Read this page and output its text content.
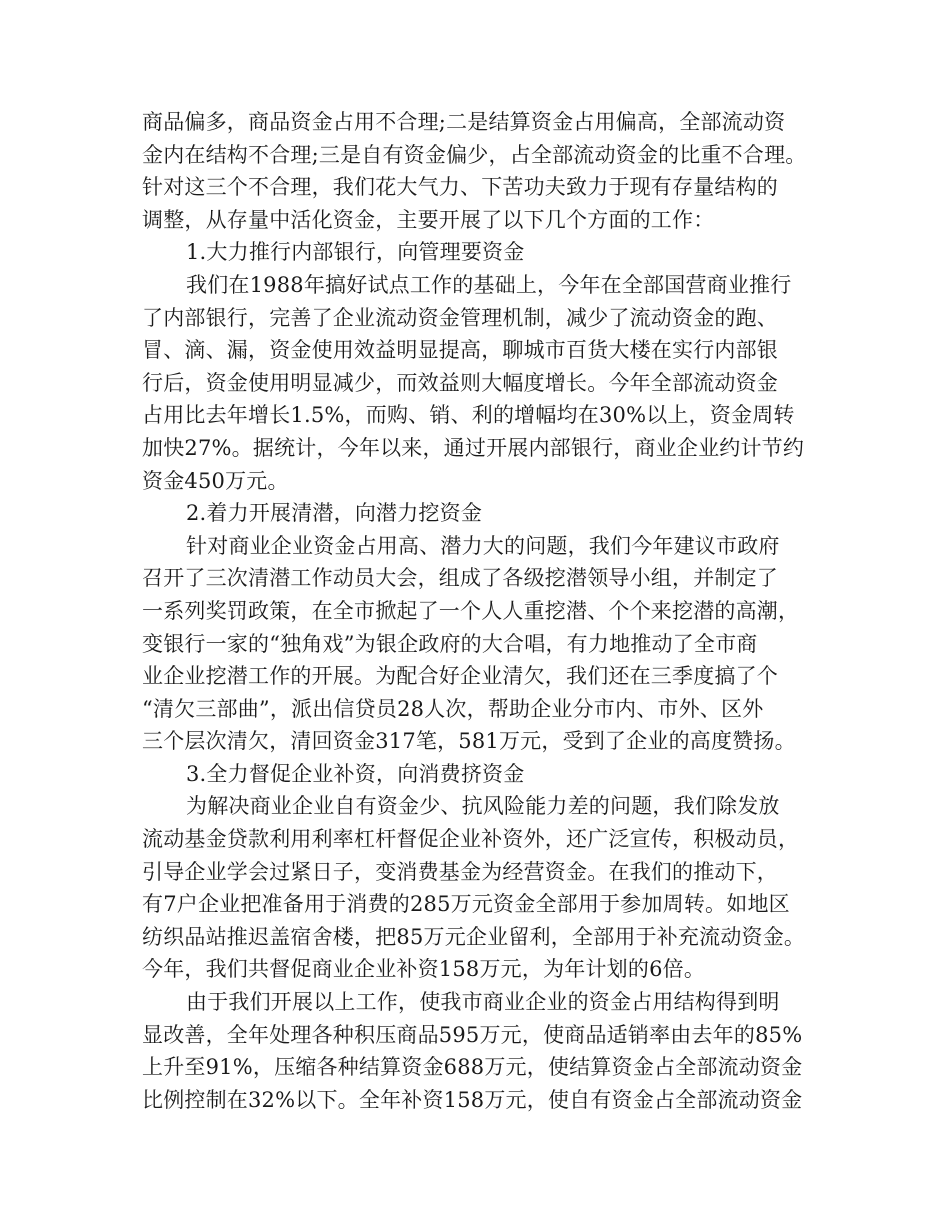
商品偏多，商品资金占用不合理;二是结算资金占用偏高，全部流动资
金内在结构不合理;三是自有资金偏少，占全部流动资金的比重不合理。
针对这三个不合理，我们花大气力、下苦功夫致力于现有存量结构的
调整，从存量中活化资金，主要开展了以下几个方面的工作：
1.大力推行内部银行，向管理要资金
我们在1988年搞好试点工作的基础上，今年在全部国营商业推行
了内部银行，完善了企业流动资金管理机制，减少了流动资金的跑、
冒、滴、漏，资金使用效益明显提高，聊城市百货大楼在实行内部银
行后，资金使用明显减少，而效益则大幅度增长。今年全部流动资金
占用比去年增长1.5%，而购、销、利的增幅均在30%以上，资金周转
加快27%。据统计，今年以来，通过开展内部银行，商业企业约计节约
资金450万元。
2.着力开展清潜，向潜力挖资金
针对商业企业资金占用高、潜力大的问题，我们今年建议市政府
召开了三次清潜工作动员大会，组成了各级挖潜领导小组，并制定了
一系列奖罚政策，在全市掀起了一个人人重挖潜、个个来挖潜的高潮，
变银行一家的“独角戏”为银企政府的大合唱，有力地推动了全市商
业企业挖潜工作的开展。为配合好企业清欠，我们还在三季度搞了个
“清欠三部曲”，派出信贷员28人次，帮助企业分市内、市外、区外
三个层次清欠，清回资金317笔，581万元，受到了企业的高度赞扬。
3.全力督促企业补资，向消费挤资金
为解决商业企业自有资金少、抗风险能力差的问题，我们除发放
流动基金贷款利用利率杠杆督促企业补资外，还广泛宣传，积极动员，
引导企业学会过紧日子，变消费基金为经营资金。在我们的推动下，
有7户企业把准备用于消费的285万元资金全部用于参加周转。如地区
纺织品站推迟盖宿舍楼，把85万元企业留利，全部用于补充流动资金。
今年，我们共督促商业企业补资158万元，为年计划的6倍。
由于我们开展以上工作，使我市商业企业的资金占用结构得到明
显改善，全年处理各种积压商品595万元，使商品适销率由去年的85%
上升至91%，压缩各种结算资金688万元，使结算资金占全部流动资金
比例控制在32%以下。全年补资158万元，使自有资金占全部流动资金
